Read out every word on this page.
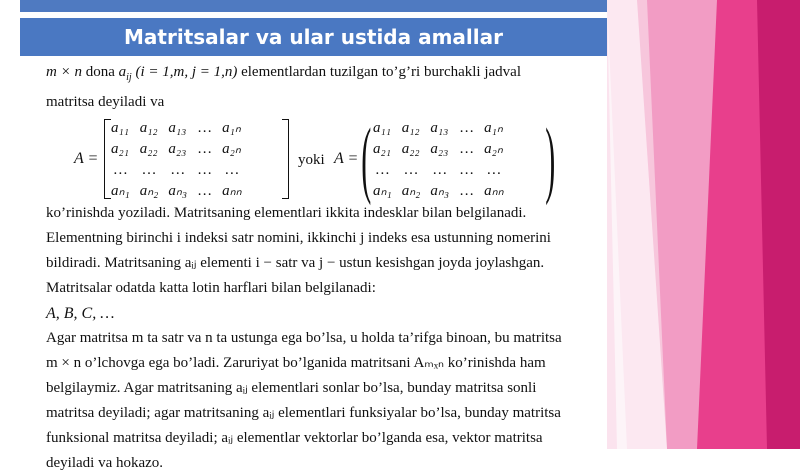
Matritsalar va ular ustida amallar
m × n dona $a_{ij}$ (i = 1,m, j = 1,n) elementlardan tuzilgan to’g’ri burchakli jadval
matritsa deyiladi va
A =
a₁₁ a₁₂ a₁₃ … a₁ₙ
a₂₁ a₂₂ a₂₃ … a₂ₙ
… … … … …
aₙ₁ aₙ₂ aₙ₃ … aₙₙ
yoki A = ( a₁₁ a₁₂ a₁₃ … a₁ₙ
a₂₁ a₂₂ a₂₃ … a₂ₙ
… … … … …
aₙ₁ aₙ₂ aₙ₃ … aₙₙ )
ko’rinishda yoziladi. Matritsaning elementlari ikkita indesklar bilan belgilanadi.
Elementning birinchi i indeksi satr nomini, ikkinchi j indeks esa ustunning nomerini
bildiradi. Matritsaning aᵢⱼ elementi i − satr va j − ustun kesishgan joyda joylashgan.
Matritsalar odatda katta lotin harflari bilan belgilanadi:
A, B, C, …
Agar matritsa m ta satr va n ta ustunga ega bo’lsa, u holda ta’rifga binoan, bu matritsa
m × n o’lchovga ega bo’ladi. Zaruriyat bo’lganida matritsani Aₘₓₙ ko’rinishda ham
belgilaymiz. Agar matritsaning aᵢⱼ elementlari sonlar bo’lsa, bunday matritsa sonli
matritsa deyiladi; agar matritsaning aᵢⱼ elementlari funksiyalar bo’lsa, bunday matritsa
funksional matritsa deyiladi; aᵢⱼ elementlar vektorlar bo’lganda esa, vektor matritsa
deyiladi va hokazo.
